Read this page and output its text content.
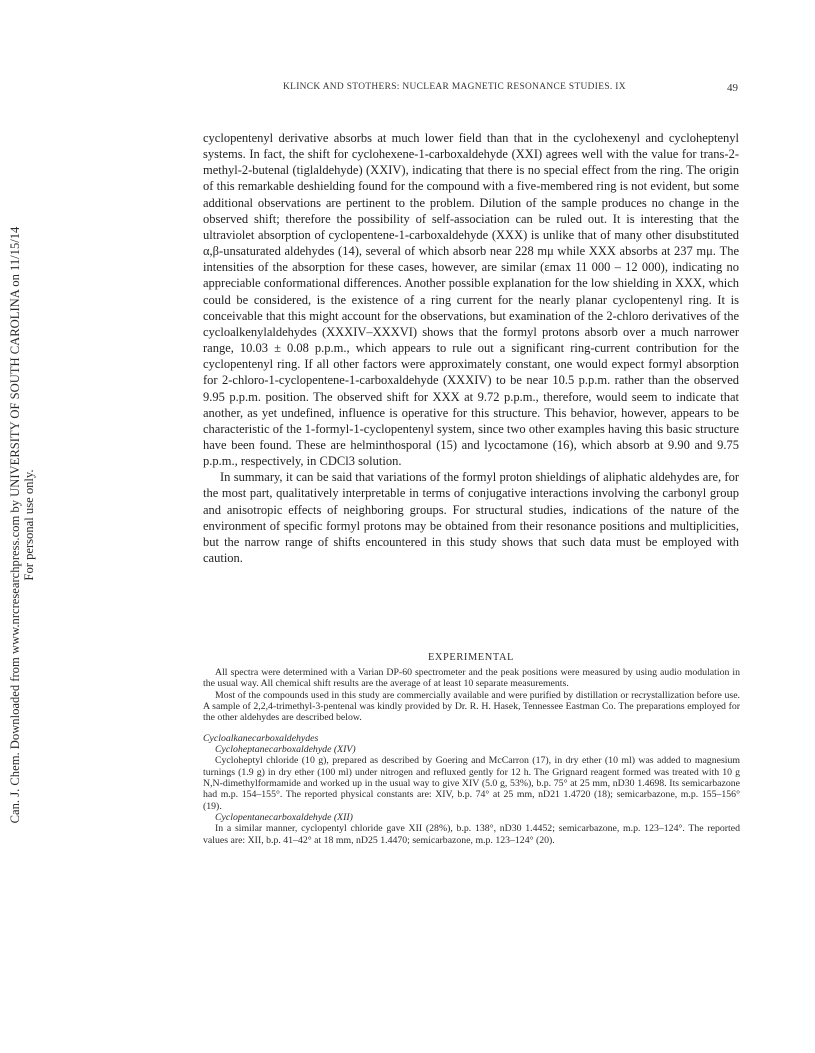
Can. J. Chem. Downloaded from www.nrcresearchpress.com by UNIVERSITY OF SOUTH CAROLINA on 11/15/14 For personal use only.
KLINCK AND STOTHERS: NUCLEAR MAGNETIC RESONANCE STUDIES. IX	49

cyclopentenyl derivative absorbs at much lower field than that in the cyclohexenyl and cycloheptenyl systems. In fact, the shift for cyclohexene-1-carboxaldehyde (XXI) agrees well with the value for trans-2-methyl-2-butenal (tiglaldehyde) (XXIV), indicating that there is no special effect from the ring. The origin of this remarkable deshielding found for the compound with a five-membered ring is not evident, but some additional observations are pertinent to the problem. Dilution of the sample produces no change in the observed shift; therefore the possibility of self-association can be ruled out. It is interesting that the ultraviolet absorption of cyclopentene-1-carboxaldehyde (XXX) is unlike that of many other disubstituted α,β-unsaturated aldehydes (14), several of which absorb near 228 mμ while XXX absorbs at 237 mμ. The intensities of the absorption for these cases, however, are similar (εmax 11 000 – 12 000), indicating no appreciable conformational differences. Another possible explanation for the low shielding in XXX, which could be considered, is the existence of a ring current for the nearly planar cyclopentenyl ring. It is conceivable that this might account for the observations, but examination of the 2-chloro derivatives of the cycloalkenylaldehydes (XXXIV–XXXVI) shows that the formyl protons absorb over a much narrower range, 10.03 ± 0.08 p.p.m., which appears to rule out a significant ring-current contribution for the cyclopentenyl ring. If all other factors were approximately constant, one would expect formyl absorption for 2-chloro-1-cyclopentene-1-carboxaldehyde (XXXIV) to be near 10.5 p.p.m. rather than the observed 9.95 p.p.m. position. The observed shift for XXX at 9.72 p.p.m., therefore, would seem to indicate that another, as yet undefined, influence is operative for this structure. This behavior, however, appears to be characteristic of the 1-formyl-1-cyclopentenyl system, since two other examples having this basic structure have been found. These are helminthosporal (15) and lycoctamone (16), which absorb at 9.90 and 9.75 p.p.m., respectively, in CDCl3 solution.

In summary, it can be said that variations of the formyl proton shieldings of aliphatic aldehydes are, for the most part, qualitatively interpretable in terms of conjugative interactions involving the carbonyl group and anisotropic effects of neighboring groups. For structural studies, indications of the nature of the environment of specific formyl protons may be obtained from their resonance positions and multiplicities, but the narrow range of shifts encountered in this study shows that such data must be employed with caution.

EXPERIMENTAL

All spectra were determined with a Varian DP-60 spectrometer and the peak positions were measured by using audio modulation in the usual way. All chemical shift results are the average of at least 10 separate measurements.

Most of the compounds used in this study are commercially available and were purified by distillation or recrystallization before use. A sample of 2,2,4-trimethyl-3-pentenal was kindly provided by Dr. R. H. Hasek, Tennessee Eastman Co. The preparations employed for the other aldehydes are described below.

Cycloalkanecarboxaldehydes

Cycloheptanecarboxaldehyde (XIV)

Cycloheptyl chloride (10 g), prepared as described by Goering and McCarron (17), in dry ether (10 ml) was added to magnesium turnings (1.9 g) in dry ether (100 ml) under nitrogen and refluxed gently for 12 h. The Grignard reagent formed was treated with 10 g N,N-dimethylformamide and worked up in the usual way to give XIV (5.0 g, 53%), b.p. 75° at 25 mm, nD30 1.4698. Its semicarbazone had m.p. 154–155°. The reported physical constants are: XIV, b.p. 74° at 25 mm, nD21 1.4720 (18); semicarbazone, m.p. 155–156° (19).

Cyclopentanecarboxaldehyde (XII)

In a similar manner, cyclopentyl chloride gave XII (28%), b.p. 138°, nD30 1.4452; semicarbazone, m.p. 123–124°. The reported values are: XII, b.p. 41–42° at 18 mm, nD25 1.4470; semicarbazone, m.p. 123–124° (20).
